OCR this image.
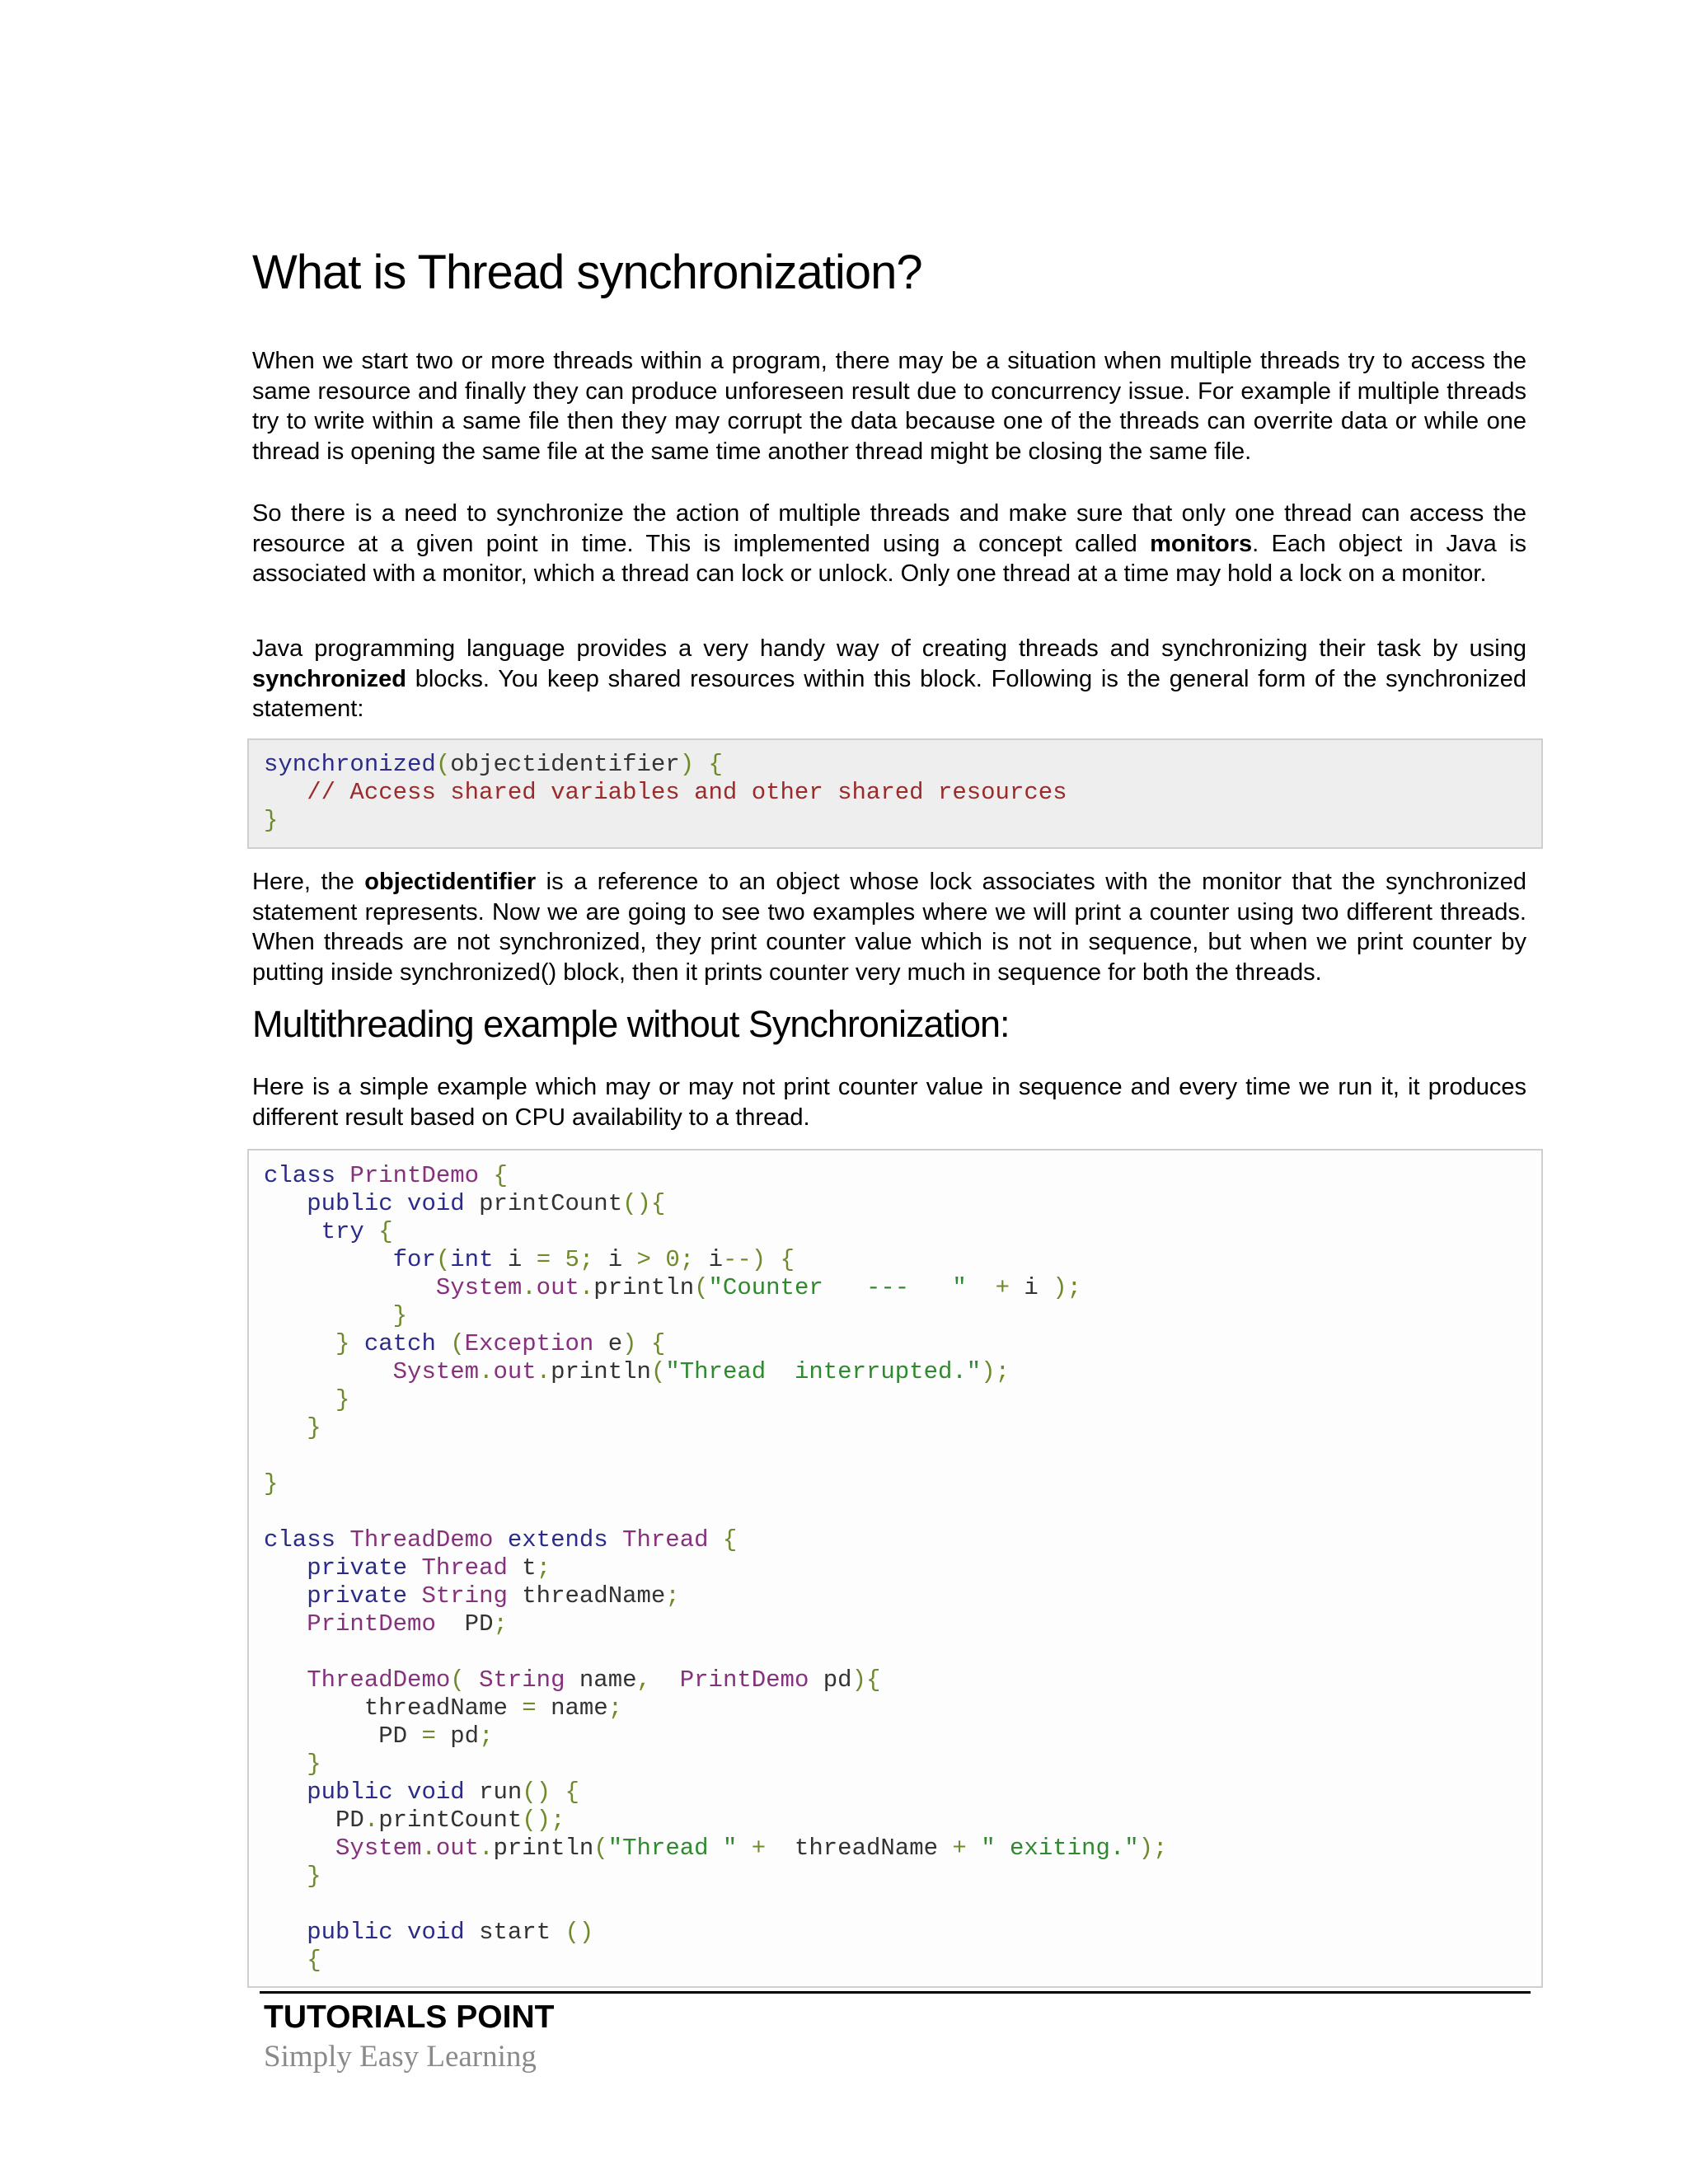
What is Thread synchronization?

When we start two or more threads within a program, there may be a situation when multiple threads try to access the same resource and finally they can produce unforeseen result due to concurrency issue. For example if multiple threads try to write within a same file then they may corrupt the data because one of the threads can overrite data or while one thread is opening the same file at the same time another thread might be closing the same file.

So there is a need to synchronize the action of multiple threads and make sure that only one thread can access the resource at a given point in time. This is implemented using a concept called monitors. Each object in Java is associated with a monitor, which a thread can lock or unlock. Only one thread at a time may hold a lock on a monitor.

Java programming language provides a very handy way of creating threads and synchronizing their task by using synchronized blocks. You keep shared resources within this block. Following is the general form of the synchronized statement:

Here, the objectidentifier is a reference to an object whose lock associates with the monitor that the synchronized statement represents. Now we are going to see two examples where we will print a counter using two different threads. When threads are not synchronized, they print counter value which is not in sequence, but when we print counter by putting inside synchronized() block, then it prints counter very much in sequence for both the threads.

Multithreading example without Synchronization:

Here is a simple example which may or may not print counter value in sequence and every time we run it, it produces different result based on CPU availability to a thread.

synchronized(objectidentifier) {
// Access shared variables and other shared resources
}
class PrintDemo {
public void printCount(){
try {
for(int i = 5; i > 0; i--) {
System.out.println("Counter   ---   " + i );
}
} catch (Exception e) {
System.out.println("Thread  interrupted.");
}
}

}

class ThreadDemo extends Thread {
private Thread t;
private String threadName;
PrintDemo PD;

ThreadDemo( String name, PrintDemo pd){
threadName = name;
PD = pd;
}
public void run() {
PD.printCount();
System.out.println("Thread " + threadName + " exiting.");
}

public void start ()
{
TUTORIALS POINT
Simply Easy Learning
